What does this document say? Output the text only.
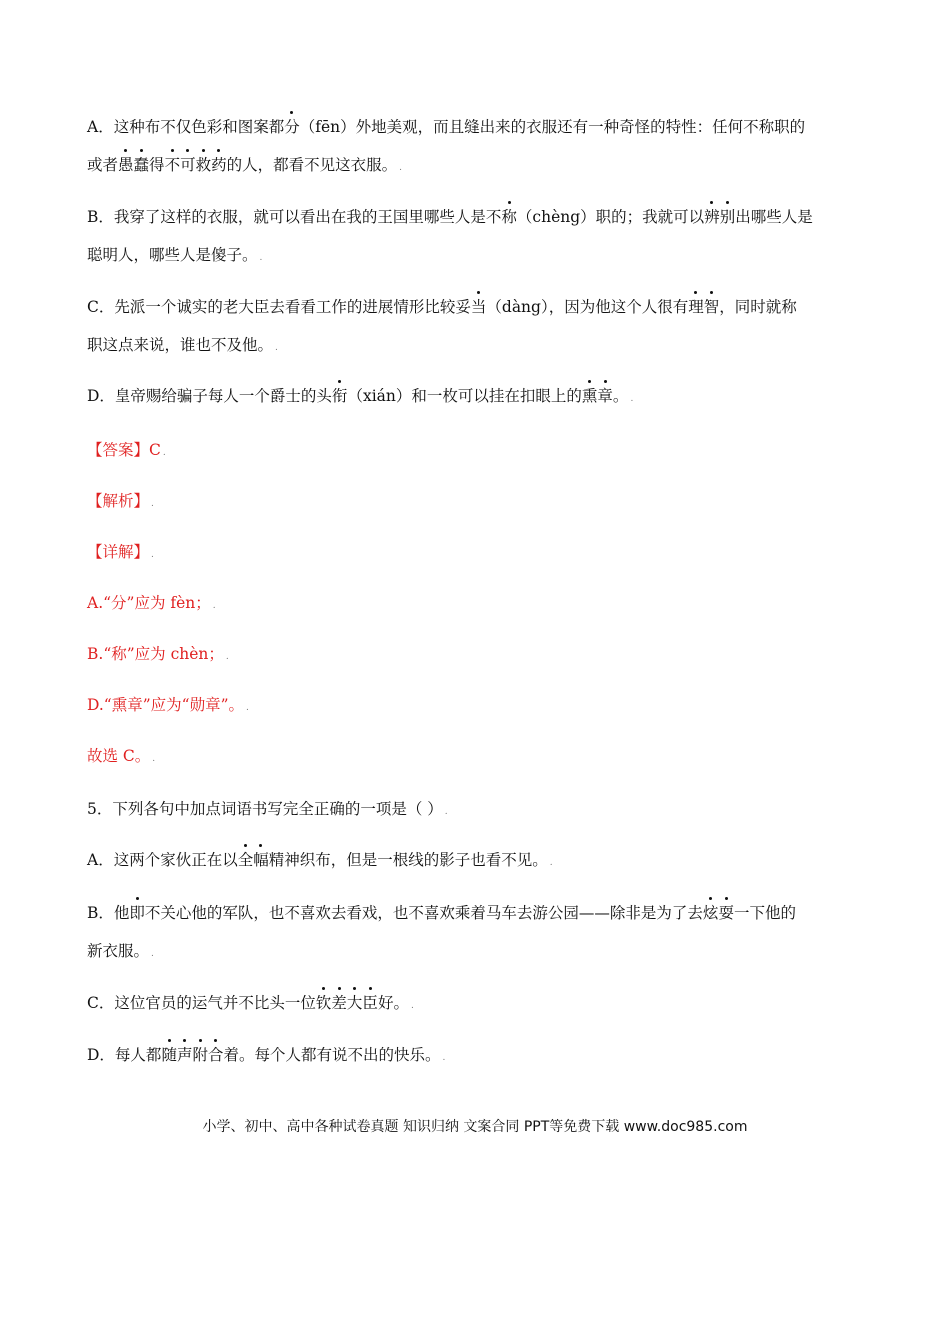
A．这种布不仅色彩和图案都分（fēn）外地美观，而且缝出来的衣服还有一种奇怪的特性：任何不称职的
或者愚蠢得不可救药的人，都看不见这衣服。 .
B．我穿了这样的衣服，就可以看出在我的王国里哪些人是不称（chèng）职的；我就可以辨别出哪些人是
聪明人，哪些人是傻子。 .
C．先派一个诚实的老大臣去看看工作的进展情形比较妥当（dàng），因为他这个人很有理智，同时就称
职这点来说，谁也不及他。 .
D．皇帝赐给骗子每人一个爵士的头衔（xián）和一枚可以挂在扣眼上的熏章。 .
【答案】C .
【解析】 .
【详解】 .
A.“分”应为 fèn； .
B.“称”应为 chèn； .
D.“熏章”应为“勋章”。 .
故选 C。 .
5．下列各句中加点词语书写完全正确的一项是（ ） .
A．这两个家伙正在以全幅精神织布，但是一根线的影子也看不见。 .
B．他即不关心他的军队，也不喜欢去看戏，也不喜欢乘着马车去游公园——除非是为了去炫耍一下他的
新衣服。 .
C．这位官员的运气并不比头一位钦差大臣好。 .
D．每人都随声附合着。每个人都有说不出的快乐。 .
小学、初中、高中各种试卷真题 知识归纳 文案合同 PPT等免费下载 www.doc985.com
